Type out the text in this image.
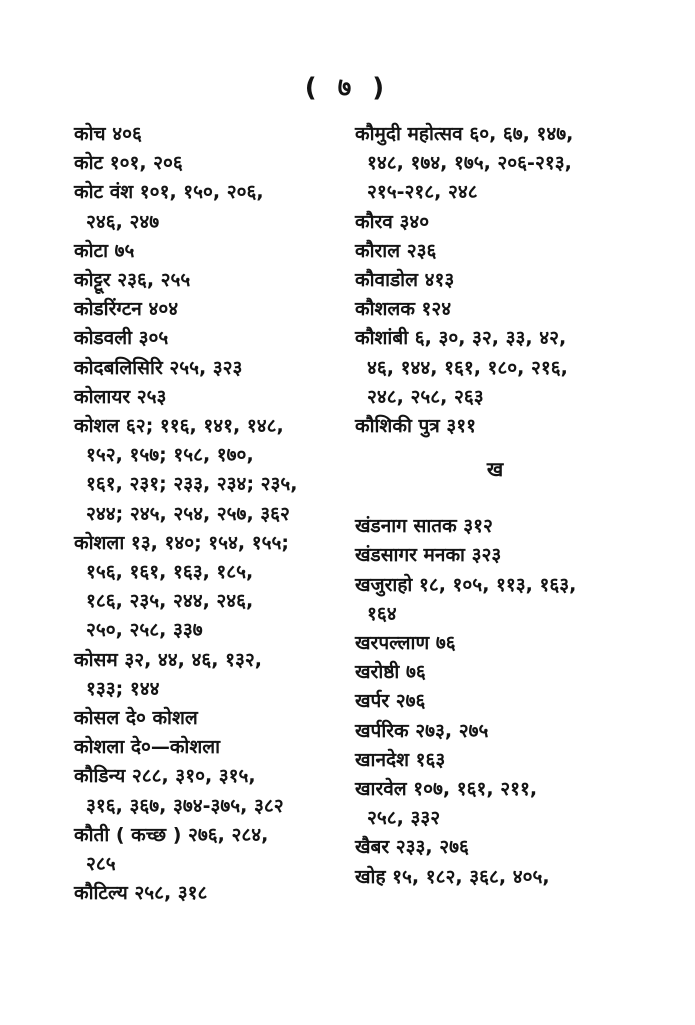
( ७ )
कोच ४०६
कोट १०१, २०६
कोट वंश १०१, १५०, २०६,
२४६, २४७
कोटा ७५
कोट्टूर २३६, २५५
कोडरिंग्टन ४०४
कोडवली ३०५
कोदबलिसिरि २५५, ३२३
कोलायर २५३
कोशल ६२; ११६, १४१, १४८,
१५२, १५७; १५८, १७०,
१६१, २३१; २३३, २३४; २३५,
२४४; २४५, २५४, २५७, ३६२
कोशला १३, १४०; १५४, १५५;
१५६, १६१, १६३, १८५,
१८६, २३५, २४४, २४६,
२५०, २५८, ३३७
कोसम ३२, ४४, ४६, १३२,
१३३; १४४
कोसल दे० कोशल
कोशला दे०—कोशला
कौडिन्य २८८, ३१०, ३१५,
३१६, ३६७, ३७४-३७५, ३८२
कौती ( कच्छ ) २७६, २८४,
२८५
कौटिल्य २५८, ३१८
कौमुदी महोत्सव ६०, ६७, १४७,
१४८, १७४, १७५, २०६-२१३,
२१५-२१८, २४८
कौरव ३४०
कौराल २३६
कौवाडोल ४१३
कौशलक १२४
कौशांबी ६, ३०, ३२, ३३, ४२,
४६, १४४, १६१, १८०, २१६,
२४८, २५८, २६३
कौशिकी पुत्र ३११
ख
खंडनाग सातक ३१२
खंडसागर मनका ३२३
खजुराहो १८, १०५, ११३, १६३,
१६४
खरपल्लाण ७६
खरोष्ठी ७६
खर्पर २७६
खर्परिक २७३, २७५
खानदेश १६३
खारवेल १०७, १६१, २११,
२५८, ३३२
खैबर २३३, २७६
खोह १५, १८२, ३६८, ४०५,
